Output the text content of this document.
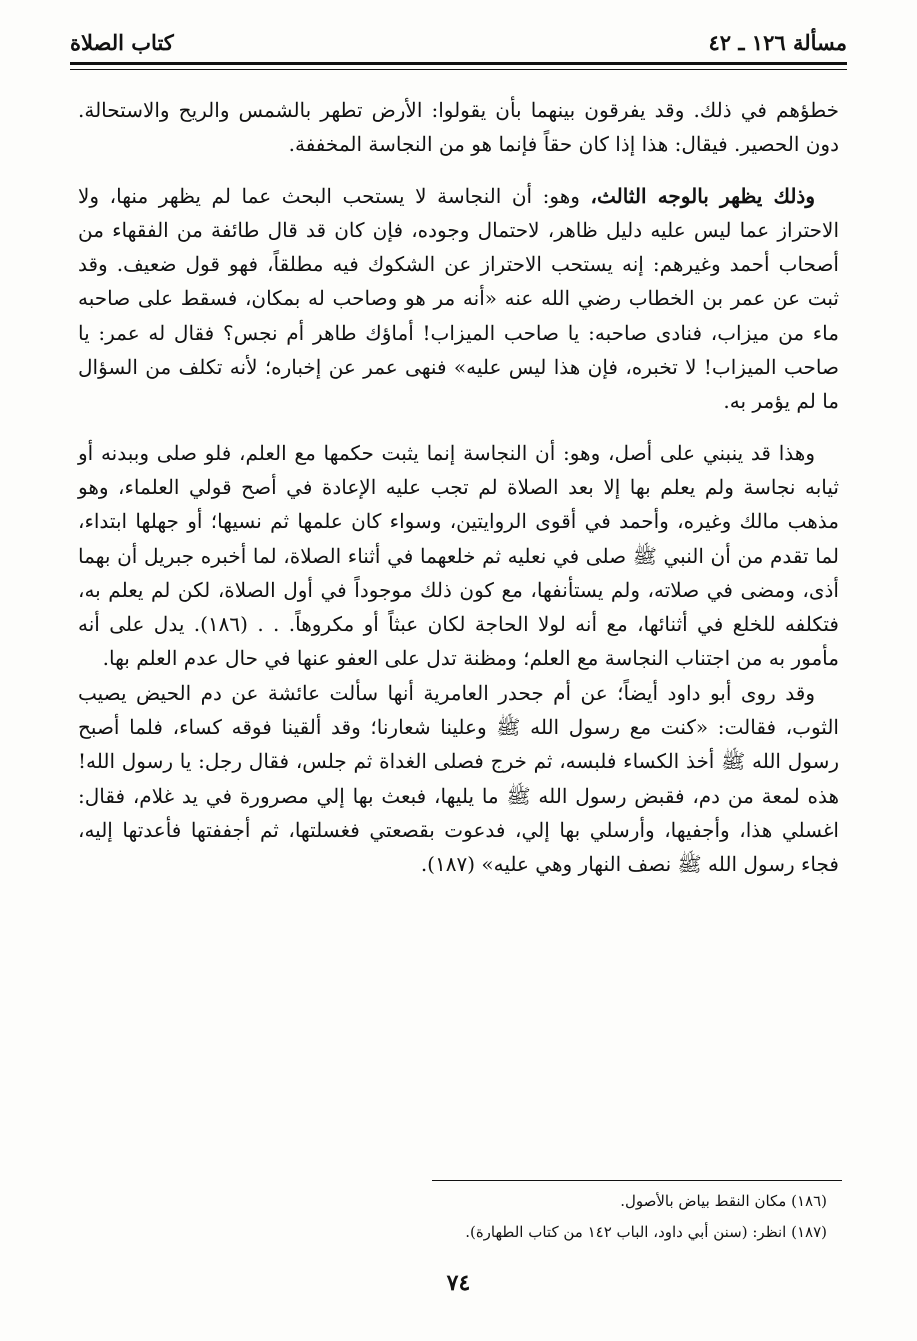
مسألة ١٢٦ ـ ٤٢
كتاب الصلاة

خطؤهم في ذلك. وقد يفرقون بينهما بأن يقولوا: الأرض تطهر بالشمس والريح والاستحالة. دون الحصير. فيقال: هذا إذا كان حقاً فإنما هو من النجاسة المخففة.

وذلك يظهر بالوجه الثالث، وهو: أن النجاسة لا يستحب البحث عما لم يظهر منها، ولا الاحتراز عما ليس عليه دليل ظاهر، لاحتمال وجوده، فإن كان قد قال طائفة من الفقهاء من أصحاب أحمد وغيرهم: إنه يستحب الاحتراز عن الشكوك فيه مطلقاً، فهو قول ضعيف. وقد ثبت عن عمر بن الخطاب رضي الله عنه «أنه مر هو وصاحب له بمكان، فسقط على صاحبه ماء من ميزاب، فنادى صاحبه: يا صاحب الميزاب! أماؤك طاهر أم نجس؟ فقال له عمر: يا صاحب الميزاب! لا تخبره، فإن هذا ليس عليه» فنهى عمر عن إخباره؛ لأنه تكلف من السؤال ما لم يؤمر به.

وهذا قد ينبني على أصل، وهو: أن النجاسة إنما يثبت حكمها مع العلم، فلو صلى وببدنه أو ثيابه نجاسة ولم يعلم بها إلا بعد الصلاة لم تجب عليه الإعادة في أصح قولي العلماء، وهو مذهب مالك وغيره، وأحمد في أقوى الروايتين، وسواء كان علمها ثم نسيها؛ أو جهلها ابتداء، لما تقدم من أن النبي ﷺ صلى في نعليه ثم خلعهما في أثناء الصلاة، لما أخبره جبريل أن بهما أذى، ومضى في صلاته، ولم يستأنفها، مع كون ذلك موجوداً في أول الصلاة، لكن لم يعلم به، فتكلفه للخلع في أثنائها، مع أنه لولا الحاجة لكان عبثاً أو مكروهاً. . . (١٨٦). يدل على أنه مأمور به من اجتناب النجاسة مع العلم؛ ومظنة تدل على العفو عنها في حال عدم العلم بها.

وقد روى أبو داود أيضاً؛ عن أم جحدر العامرية أنها سألت عائشة عن دم الحيض يصيب الثوب، فقالت: «كنت مع رسول الله ﷺ وعلينا شعارنا؛ وقد ألقينا فوقه كساء، فلما أصبح رسول الله ﷺ أخذ الكساء فلبسه، ثم خرج فصلى الغداة ثم جلس، فقال رجل: يا رسول الله! هذه لمعة من دم، فقبض رسول الله ﷺ ما يليها، فبعث بها إلي مصرورة في يد غلام، فقال: اغسلي هذا، وأجفيها، وأرسلي بها إلي، فدعوت بقصعتي فغسلتها، ثم أجففتها فأعدتها إليه، فجاء رسول الله ﷺ نصف النهار وهي عليه» (١٨٧).

(١٨٦) مكان النقط بياض بالأصول.
(١٨٧) انظر: (سنن أبي داود، الباب ١٤٢ من كتاب الطهارة).
٧٤
